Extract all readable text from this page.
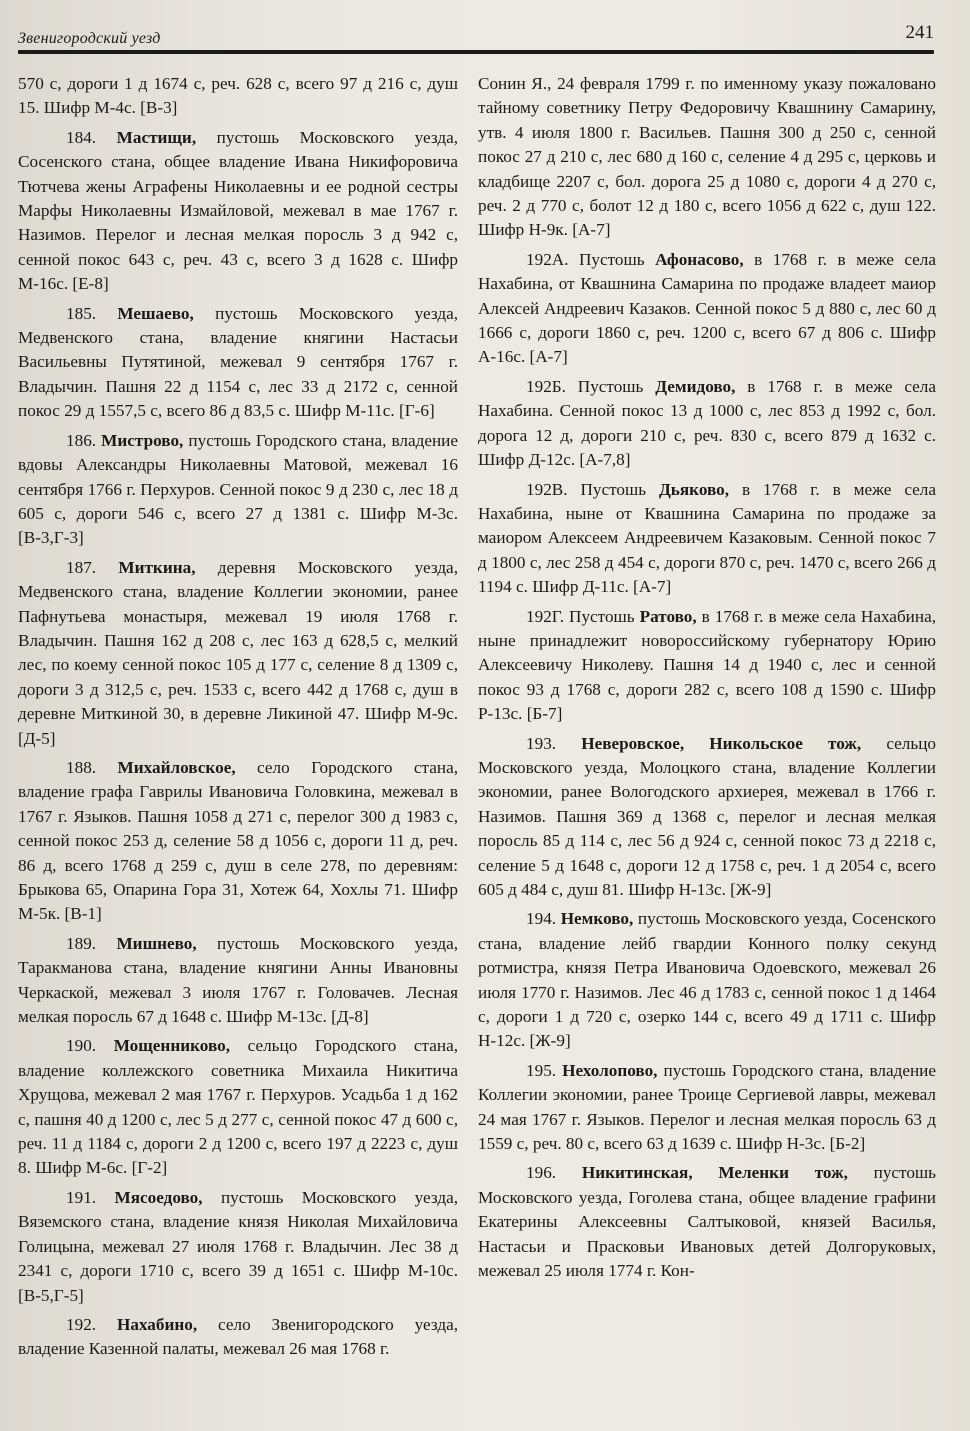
Звенигородский уезд	241

570 с, дороги 1 д 1674 с, реч. 628 с, всего 97 д 216 с, душ 15. Шифр М-4с. [В-3]

184. Мастищи, пустошь Московского уезда, Сосенского стана, общее владение Ивана Никифоровича Тютчева жены Аграфены Николаевны и ее родной сестры Марфы Николаевны Измайловой, межевал в мае 1767 г. Назимов. Перелог и лесная мелкая поросль 3 д 942 с, сенной покос 643 с, реч. 43 с, всего 3 д 1628 с. Шифр М-16с. [Е-8]

185. Мешаево, пустошь Московского уезда, Медвенского стана, владение княгини Настасьи Васильевны Путятиной, межевал 9 сентября 1767 г. Владычин. Пашня 22 д 1154 с, лес 33 д 2172 с, сенной покос 29 д 1557,5 с, всего 86 д 83,5 с. Шифр М-11с. [Г-6]

186. Мистрово, пустошь Городского стана, владение вдовы Александры Николаевны Матовой, межевал 16 сентября 1766 г. Перхуров. Сенной покос 9 д 230 с, лес 18 д 605 с, дороги 546 с, всего 27 д 1381 с. Шифр М-3с. [В-3,Г-3]

187. Миткина, деревня Московского уезда, Медвенского стана, владение Коллегии экономии, ранее Пафнутьева монастыря, межевал 19 июля 1768 г. Владычин. Пашня 162 д 208 с, лес 163 д 628,5 с, мелкий лес, по коему сенной покос 105 д 177 с, селение 8 д 1309 с, дороги 3 д 312,5 с, реч. 1533 с, всего 442 д 1768 с, душ в деревне Миткиной 30, в деревне Ликиной 47. Шифр М-9с. [Д-5]

188. Михайловское, село Городского стана, владение графа Гаврилы Ивановича Головкина, межевал в 1767 г. Языков. Пашня 1058 д 271 с, перелог 300 д 1983 с, сенной покос 253 д, селение 58 д 1056 с, дороги 11 д, реч. 86 д, всего 1768 д 259 с, душ в селе 278, по деревням: Брыкова 65, Опарина Гора 31, Хотеж 64, Хохлы 71. Шифр М-5к. [В-1]

189. Мишнево, пустошь Московского уезда, Таракманова стана, владение княгини Анны Ивановны Черкаской, межевал 3 июля 1767 г. Головачев. Лесная мелкая поросль 67 д 1648 с. Шифр М-13с. [Д-8]

190. Мощенниково, сельцо Городского стана, владение коллежского советника Михаила Никитича Хрущова, межевал 2 мая 1767 г. Перхуров. Усадьба 1 д 162 с, пашня 40 д 1200 с, лес 5 д 277 с, сенной покос 47 д 600 с, реч. 11 д 1184 с, дороги 2 д 1200 с, всего 197 д 2223 с, душ 8. Шифр М-6с. [Г-2]

191. Мясоедово, пустошь Московского уезда, Вяземского стана, владение князя Николая Михайловича Голицына, межевал 27 июля 1768 г. Владычин. Лес 38 д 2341 с, дороги 1710 с, всего 39 д 1651 с. Шифр М-10с. [В-5,Г-5]

192. Нахабино, село Звенигородского уезда, владение Казенной палаты, межевал 26 мая 1768 г.

Сонин Я., 24 февраля 1799 г. по именному указу пожаловано тайному советнику Петру Федоровичу Квашнину Самарину, утв. 4 июля 1800 г. Васильев. Пашня 300 д 250 с, сенной покос 27 д 210 с, лес 680 д 160 с, селение 4 д 295 с, церковь и кладбище 2207 с, бол. дорога 25 д 1080 с, дороги 4 д 270 с, реч. 2 д 770 с, болот 12 д 180 с, всего 1056 д 622 с, душ 122. Шифр Н-9к. [А-7]

192А. Пустошь Афонасово, в 1768 г. в меже села Нахабина, от Квашнина Самарина по продаже владеет маиор Алексей Андреевич Казаков. Сенной покос 5 д 880 с, лес 60 д 1666 с, дороги 1860 с, реч. 1200 с, всего 67 д 806 с. Шифр А-16с. [А-7]

192Б. Пустошь Демидово, в 1768 г. в меже села Нахабина. Сенной покос 13 д 1000 с, лес 853 д 1992 с, бол. дорога 12 д, дороги 210 с, реч. 830 с, всего 879 д 1632 с. Шифр Д-12с. [А-7,8]

192В. Пустошь Дьяково, в 1768 г. в меже села Нахабина, ныне от Квашнина Самарина по продаже за маиором Алексеем Андреевичем Казаковым. Сенной покос 7 д 1800 с, лес 258 д 454 с, дороги 870 с, реч. 1470 с, всего 266 д 1194 с. Шифр Д-11с. [А-7]

192Г. Пустошь Ратово, в 1768 г. в меже села Нахабина, ныне принадлежит новороссийскому губернатору Юрию Алексеевичу Николеву. Пашня 14 д 1940 с, лес и сенной покос 93 д 1768 с, дороги 282 с, всего 108 д 1590 с. Шифр Р-13с. [Б-7]

193. Неверовское, Никольское тож, сельцо Московского уезда, Молоцкого стана, владение Коллегии экономии, ранее Вологодского архиерея, межевал в 1766 г. Назимов. Пашня 369 д 1368 с, перелог и лесная мелкая поросль 85 д 114 с, лес 56 д 924 с, сенной покос 73 д 2218 с, селение 5 д 1648 с, дороги 12 д 1758 с, реч. 1 д 2054 с, всего 605 д 484 с, душ 81. Шифр Н-13с. [Ж-9]

194. Немково, пустошь Московского уезда, Сосенского стана, владение лейб гвардии Конного полку секунд ротмистра, князя Петра Ивановича Одоевского, межевал 26 июля 1770 г. Назимов. Лес 46 д 1783 с, сенной покос 1 д 1464 с, дороги 1 д 720 с, озерко 144 с, всего 49 д 1711 с. Шифр Н-12с. [Ж-9]

195. Нехолопово, пустошь Городского стана, владение Коллегии экономии, ранее Троице Сергиевой лавры, межевал 24 мая 1767 г. Языков. Перелог и лесная мелкая поросль 63 д 1559 с, реч. 80 с, всего 63 д 1639 с. Шифр Н-3с. [Б-2]

196. Никитинская, Меленки тож, пустошь Московского уезда, Гоголева стана, общее владение графини Екатерины Алексеевны Салтыковой, князей Василья, Настасьи и Прасковьи Ивановых детей Долгоруковых, межевал 25 июля 1774 г. Кон-
